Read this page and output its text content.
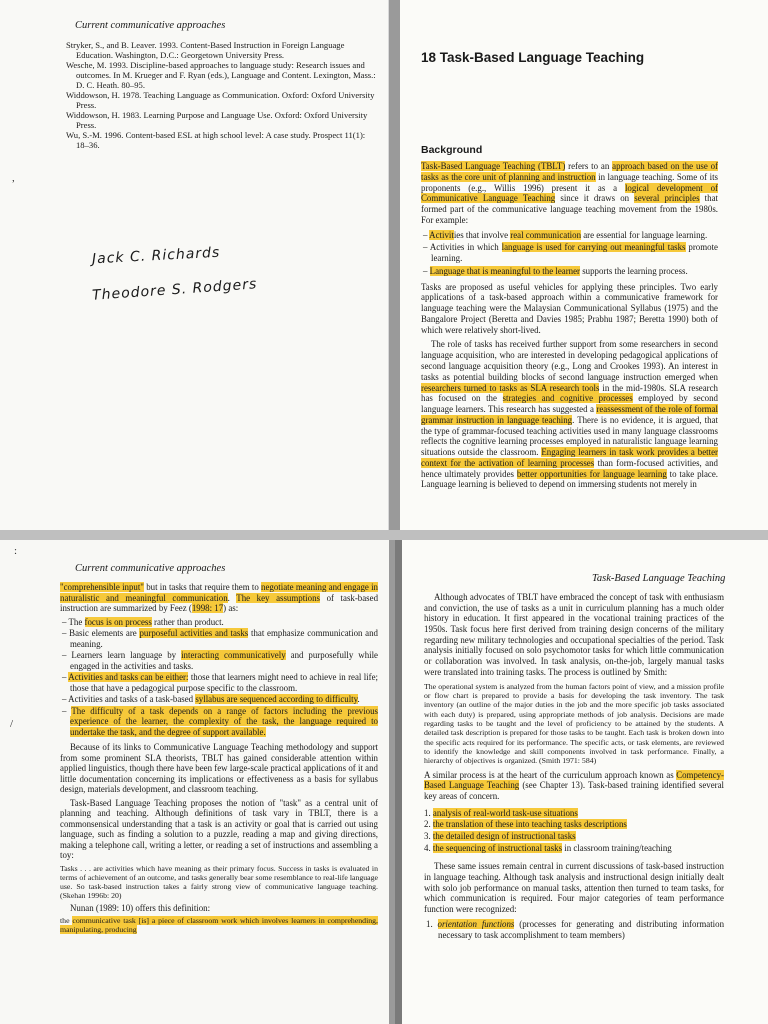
Current communicative approaches

Stryker, S., and B. Leaver. 1993. Content-Based Instruction in Foreign Language Education. Washington, D.C.: Georgetown University Press.

Wesche, M. 1993. Discipline-based approaches to language study: Research issues and outcomes. In M. Krueger and F. Ryan (eds.), Language and Content. Lexington, Mass.: D. C. Heath. 80–95.

Widdowson, H. 1978. Teaching Language as Communication. Oxford: Oxford University Press.

Widdowson, H. 1983. Learning Purpose and Language Use. Oxford: Oxford University Press.

Wu, S.-M. 1996. Content-based ESL at high school level: A case study. Prospect 11(1): 18–36.

Jack C. Richards
Theodore S. Rodgers
,
18 Task-Based Language Teaching
Background

Task-Based Language Teaching (TBLT) refers to an approach based on the use of tasks as the core unit of planning and instruction in language teaching. Some of its proponents (e.g., Willis 1996) present it as a logical development of Communicative Language Teaching since it draws on several principles that formed part of the communicative language teaching movement from the 1980s. For example:

– Activities that involve real communication are essential for language learning.
– Activities in which language is used for carrying out meaningful tasks promote learning.
– Language that is meaningful to the learner supports the learning process.

Tasks are proposed as useful vehicles for applying these principles. Two early applications of a task-based approach within a communicative framework for language teaching were the Malaysian Communicational Syllabus (1975) and the Bangalore Project (Beretta and Davies 1985; Prabhu 1987; Beretta 1990) both of which were relatively short-lived.

The role of tasks has received further support from some researchers in second language acquisition, who are interested in developing pedagogical applications of second language acquisition theory (e.g., Long and Crookes 1993). An interest in tasks as potential building blocks of second language instruction emerged when researchers turned to tasks as SLA research tools in the mid-1980s. SLA research has focused on the strategies and cognitive processes employed by second language learners. This research has suggested a reassessment of the role of formal grammar instruction in language teaching. There is no evidence, it is argued, that the type of grammar-focused teaching activities used in many language classrooms reflects the cognitive learning processes employed in naturalistic language learning situations outside the classroom. Engaging learners in task work provides a better context for the activation of learning processes than form-focused activities, and hence ultimately provides better opportunities for language learning to take place. Language learning is believed to depend on immersing students not merely in

Current communicative approaches
:
/

"comprehensible input" but in tasks that require them to negotiate meaning and engage in naturalistic and meaningful communication. The key assumptions of task-based instruction are summarized by Feez (1998: 17) as:

– The focus is on process rather than product.
– Basic elements are purposeful activities and tasks that emphasize communication and meaning.
– Learners learn language by interacting communicatively and purposefully while engaged in the activities and tasks.
– Activities and tasks can be either: those that learners might need to achieve in real life; those that have a pedagogical purpose specific to the classroom.
– Activities and tasks of a task-based syllabus are sequenced according to difficulty.
– The difficulty of a task depends on a range of factors including the previous experience of the learner, the complexity of the task, the language required to undertake the task, and the degree of support available.

Because of its links to Communicative Language Teaching methodology and support from some prominent SLA theorists, TBLT has gained considerable attention within applied linguistics, though there have been few large-scale practical applications of it and little documentation concerning its implications or effectiveness as a basis for syllabus design, materials development, and classroom teaching.

Task-Based Language Teaching proposes the notion of "task" as a central unit of planning and teaching. Although definitions of task vary in TBLT, there is a commonsensical understanding that a task is an activity or goal that is carried out using language, such as finding a solution to a puzzle, reading a map and giving directions, making a telephone call, writing a letter, or reading a set of instructions and assembling a toy:

Tasks . . . are activities which have meaning as their primary focus. Success in tasks is evaluated in terms of achievement of an outcome, and tasks generally bear some resemblance to real-life language use. So task-based instruction takes a fairly strong view of communicative language teaching. (Skehan 1996b: 20)

Nunan (1989: 10) offers this definition:

the communicative task [is] a piece of classroom work which involves learners in comprehending, manipulating, producing

Task-Based Language Teaching

Although advocates of TBLT have embraced the concept of task with enthusiasm and conviction, the use of tasks as a unit in curriculum planning has a much older history in education. It first appeared in the vocational training practices of the 1950s. Task focus here first derived from training design concerns of the military regarding new military technologies and occupational specialties of the period. Task analysis initially focused on solo psychomotor tasks for which little communication or collaboration was involved. In task analysis, on-the-job, largely manual tasks were translated into training tasks. The process is outlined by Smith:

The operational system is analyzed from the human factors point of view, and a mission profile or flow chart is prepared to provide a basis for developing the task inventory. The task inventory (an outline of the major duties in the job and the more specific job tasks associated with each duty) is prepared, using appropriate methods of job analysis. Decisions are made regarding tasks to be taught and the level of proficiency to be attained by the students. A detailed task description is prepared for those tasks to be taught. Each task is broken down into the specific acts required for its performance. The specific acts, or task elements, are reviewed to identify the knowledge and skill components involved in task performance. Finally, a hierarchy of objectives is organized. (Smith 1971: 584)

A similar process is at the heart of the curriculum approach known as Competency-Based Language Teaching (see Chapter 13). Task-based training identified several key areas of concern.

1. analysis of real-world task-use situations
2. the translation of these into teaching tasks descriptions
3. the detailed design of instructional tasks
4. the sequencing of instructional tasks in classroom training/teaching

These same issues remain central in current discussions of task-based instruction in language teaching. Although task analysis and instructional design initially dealt with solo job performance on manual tasks, attention then turned to team tasks, for which communication is required. Four major categories of team performance function were recognized:

1. orientation functions (processes for generating and distributing information necessary to task accomplishment to team members)
